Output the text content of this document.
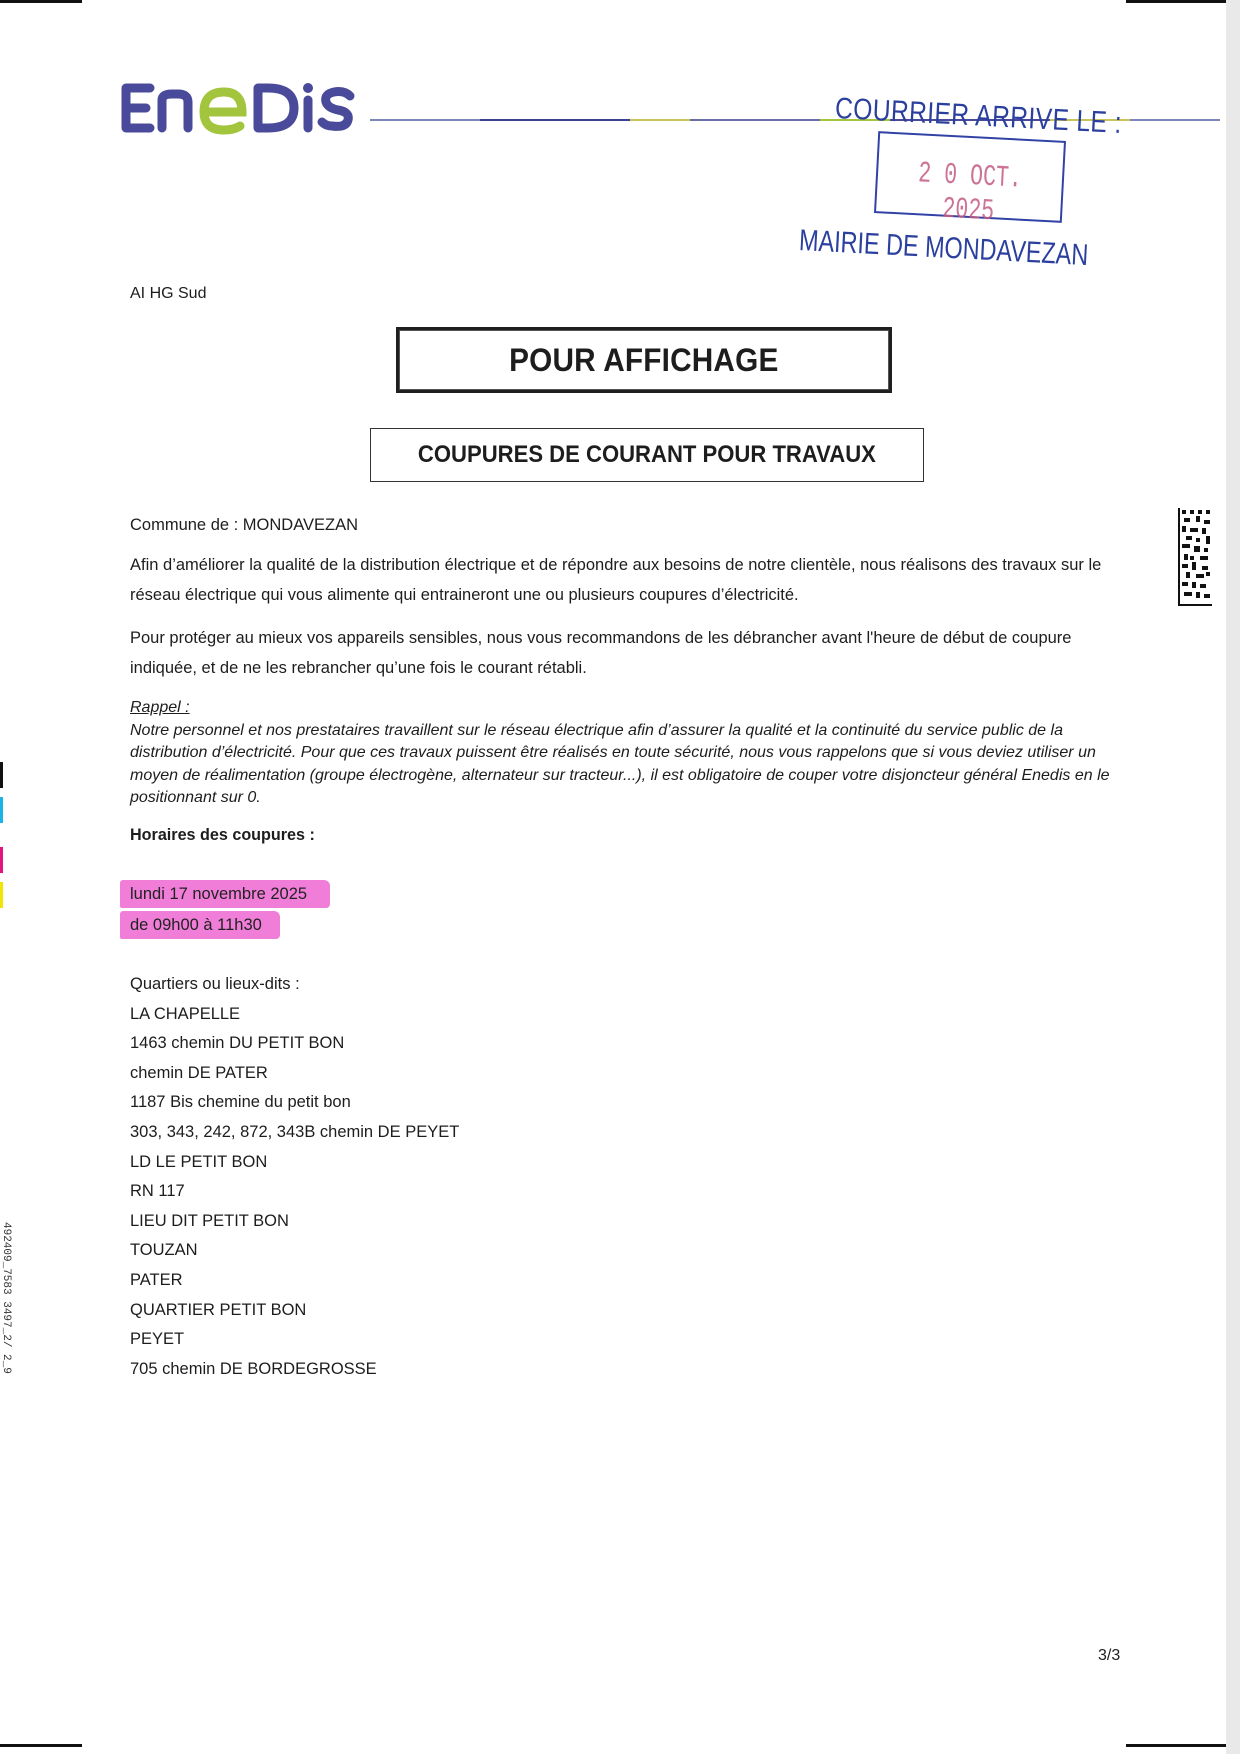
COURRIER ARRIVE LE :
2 0 OCT. 2025
MAIRIE DE MONDAVEZAN
AI HG Sud
POUR AFFICHAGE
COUPURES DE COURANT POUR TRAVAUX
Commune de : MONDAVEZAN
Afin d’améliorer la qualité de la distribution électrique et de répondre aux besoins de notre clientèle, nous réalisons des travaux sur le réseau électrique qui vous alimente qui entraineront une ou plusieurs coupures d’électricité.
Pour protéger au mieux vos appareils sensibles, nous vous recommandons de les débrancher avant l'heure de début de coupure indiquée, et de ne les rebrancher qu’une fois le courant rétabli.
Rappel :
Notre personnel et nos prestataires travaillent sur le réseau électrique afin d’assurer la qualité et la continuité du service public de la distribution d’électricité. Pour que ces travaux puissent être réalisés en toute sécurité, nous vous rappelons que si vous deviez utiliser un moyen de réalimentation (groupe électrogène, alternateur sur tracteur...), il est obligatoire de couper votre disjoncteur général Enedis en le positionnant sur 0.
Horaires des coupures :
lundi 17 novembre 2025
de 09h00 à 11h30
Quartiers ou lieux-dits :
LA CHAPELLE
1463 chemin DU PETIT BON
chemin DE PATER
1187 Bis chemine du petit bon
303, 343, 242, 872, 343B chemin DE PEYET
LD LE PETIT BON
RN 117
LIEU DIT PETIT BON
TOUZAN
PATER
QUARTIER PETIT BON
PEYET
705 chemin DE BORDEGROSSE
492409_7583 3497_2/ 2_9
3/3
